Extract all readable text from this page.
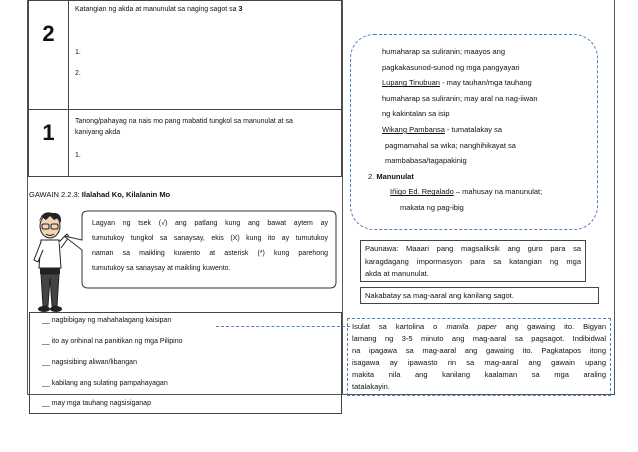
2
Katangian ng akda at manunulat sa naging sagot sa 3
1.
2.
1	Tanong/pahayag na nais mo pang mabatid tungkol sa manunulat at sa
kaniyang akda
1.
GAWAIN 2.2.3: Ilalahad Ko, Kilalanin Mo
Lagyan ng tsek (√) ang patlang kung ang bawat aytem ay
tumutukoy tungkol sa sanaysay, ekis (X) kung ito ay tumutukoy
naman sa maikling kuwento at asterisk (*) kung parehong
tumutukoy sa sanaysay at maikling kuwento.
__ nagbibigay ng mahahalagang kaisipan
__ ito ay orihinal na panitikan ng mga Pilipino
__ nagsisibing aliwan/libangan
__ kabilang ang sulating pampahayagan
__ may mga tauhang nagsisiganap
humaharap sa suliranin; maayos ang
pagkakasunod-sunod ng mga pangyayari
Lupang Tinubuan - may tauhan/mga tauhang
humaharap sa suliranin; may aral na nag-iiwan
ng kakintalan sa isip
Wikang Pambansa - tumatalakay sa
pagmamahal sa wika; nanghihikayat sa
mambabasa/tagapakinig
2. Manunulat
Iñigo Ed. Regalado – mahusay na manunulat;
makata ng pag-ibig
Paunawa: Maaari pang magsaliksik ang guro para sa
karagdagang impormasyon para sa katangian ng mga
akda at manunulat.
Nakabatay sa mag-aaral ang kanilang sagot.
Isulat sa kartolina o manila paper ang gawaing ito. Bigyan
lamang ng 3-5 minuto ang mag-aaral sa pagsagot. Indibidwal
na ipagawa sa mag-aaral ang gawaing ito. Pagkatapos itong
isagawa ay ipawasto rin sa mag-aaral ang gawain upang
makita nila ang kanilang kaalaman sa mga araling
tatalakayin.
